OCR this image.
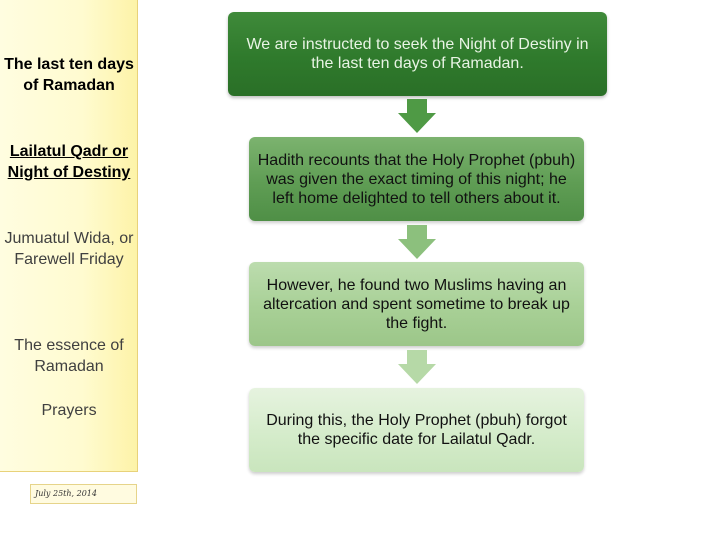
The last ten days of Ramadan
Lailatul Qadr or Night of Destiny
Jumuatul Wida, or Farewell Friday
The essence of Ramadan
Prayers
July 25th, 2014
We are instructed to seek the Night of Destiny in the last ten days of Ramadan.
Hadith recounts that the Holy Prophet (pbuh) was given the exact timing of this night; he left home delighted to tell others about it.
However, he found two Muslims having an altercation and spent sometime to break up the fight.
During this, the Holy Prophet (pbuh) forgot the specific date for Lailatul Qadr.
